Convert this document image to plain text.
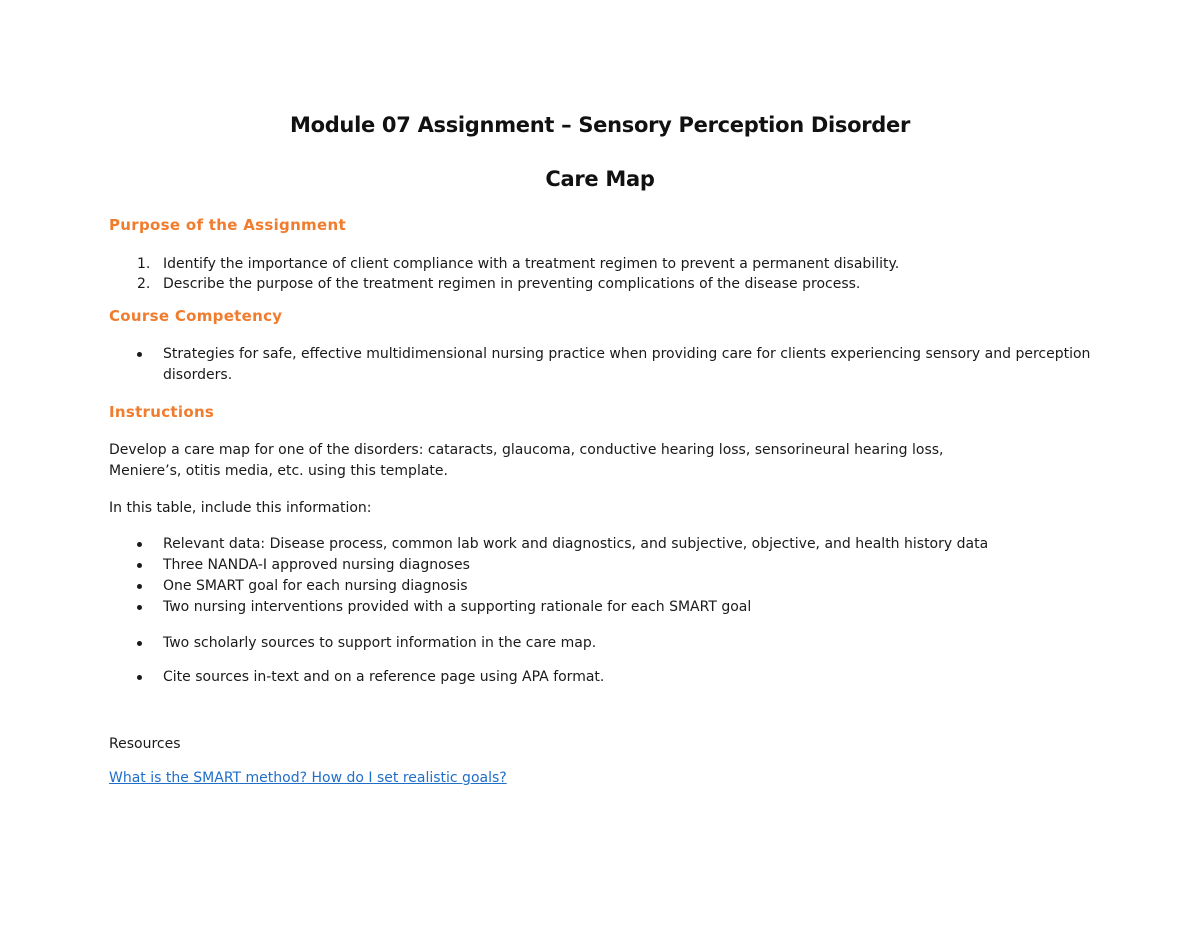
Module 07 Assignment – Sensory Perception Disorder
Care Map
Purpose of the Assignment
1. Identify the importance of client compliance with a treatment regimen to prevent a permanent disability.
2. Describe the purpose of the treatment regimen in preventing complications of the disease process.
Course Competency
Strategies for safe, effective multidimensional nursing practice when providing care for clients experiencing sensory and perception disorders.
Instructions
Develop a care map for one of the disorders: cataracts, glaucoma, conductive hearing loss, sensorineural hearing loss,
Meniere’s, otitis media, etc. using this template.
In this table, include this information:
Relevant data: Disease process, common lab work and diagnostics, and subjective, objective, and health history data
Three NANDA-I approved nursing diagnoses
One SMART goal for each nursing diagnosis
Two nursing interventions provided with a supporting rationale for each SMART goal
Two scholarly sources to support information in the care map.
Cite sources in-text and on a reference page using APA format.
Resources
What is the SMART method? How do I set realistic goals?
